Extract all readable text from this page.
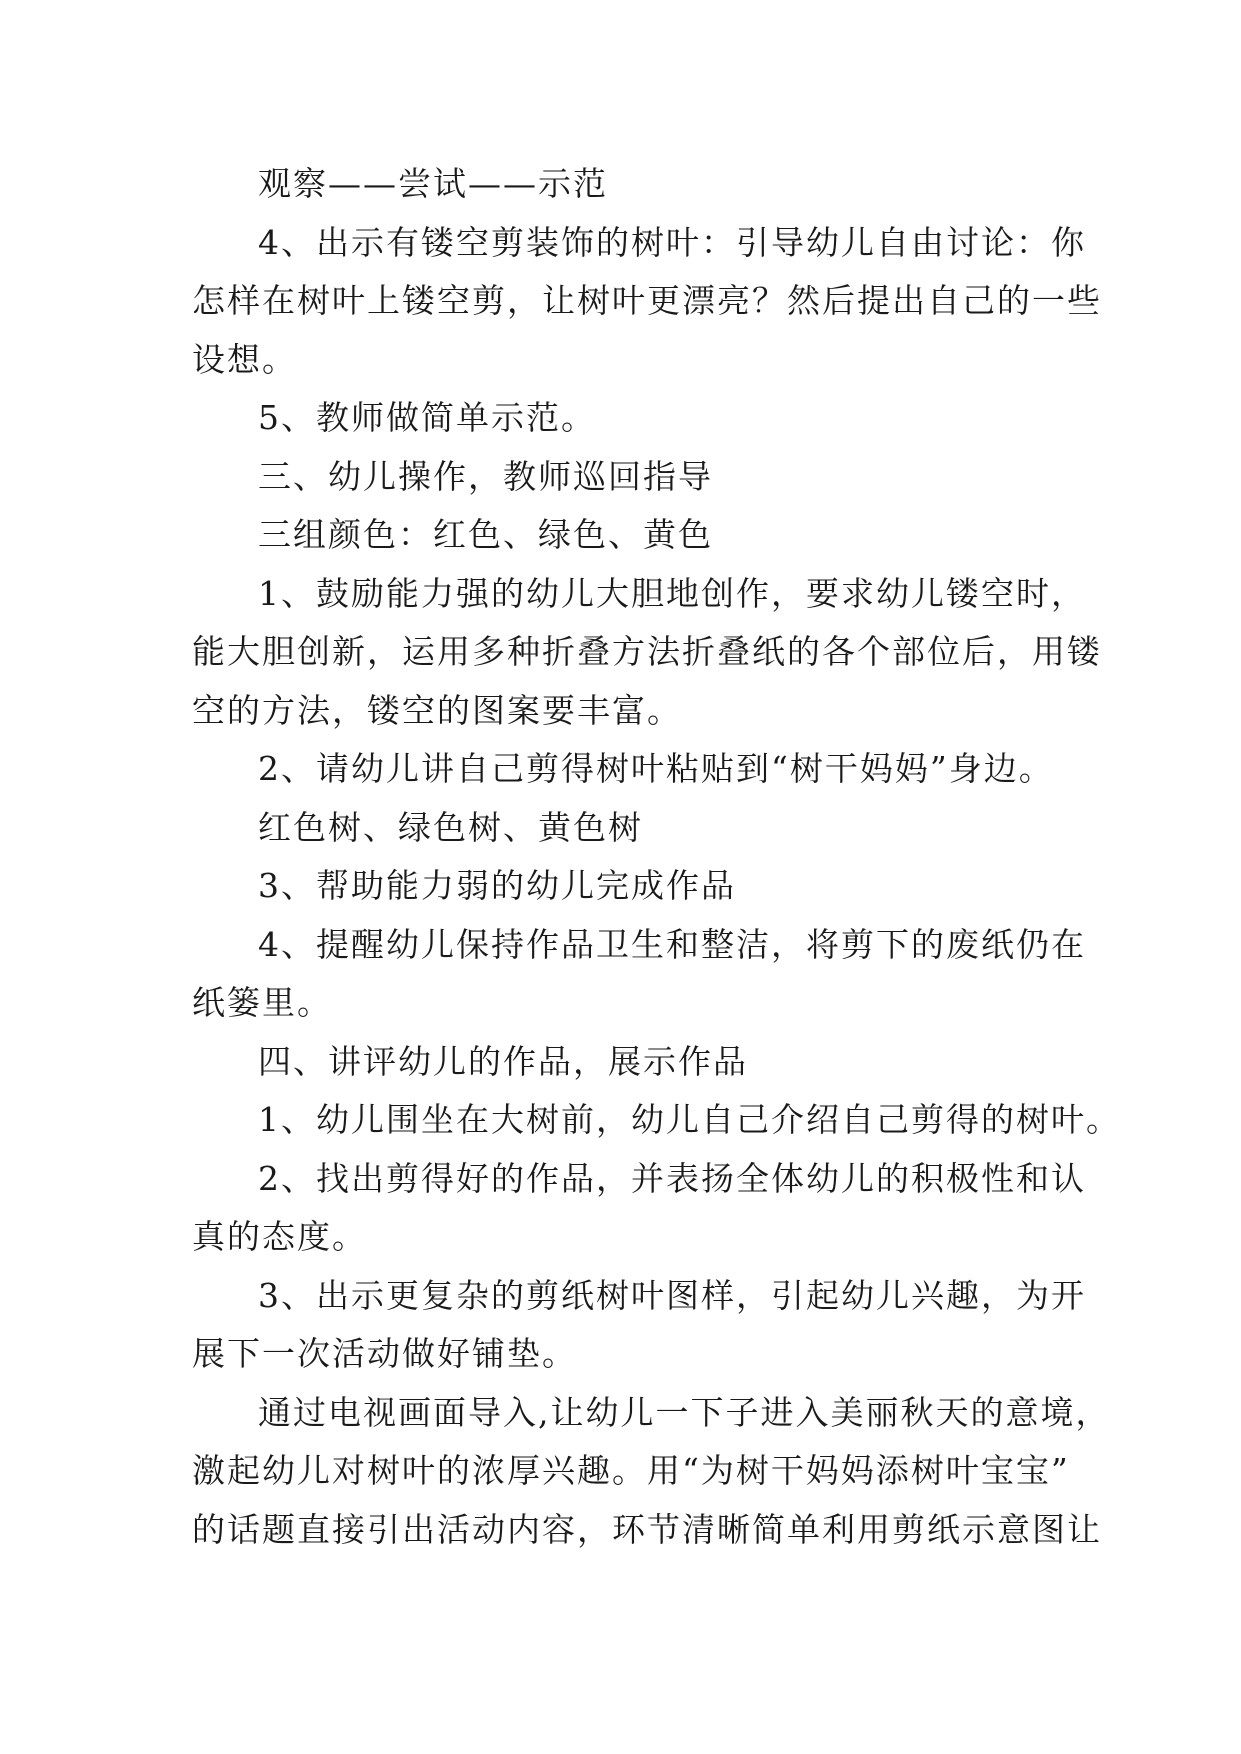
观察——尝试——示范
4、出示有镂空剪装饰的树叶：引导幼儿自由讨论：你
怎样在树叶上镂空剪，让树叶更漂亮？然后提出自己的一些
设想。
5、教师做简单示范。
三、幼儿操作，教师巡回指导
三组颜色：红色、绿色、黄色
1、鼓励能力强的幼儿大胆地创作，要求幼儿镂空时，
能大胆创新，运用多种折叠方法折叠纸的各个部位后，用镂
空的方法，镂空的图案要丰富。
2、请幼儿讲自己剪得树叶粘贴到“树干妈妈”身边。
红色树、绿色树、黄色树
3、帮助能力弱的幼儿完成作品
4、提醒幼儿保持作品卫生和整洁，将剪下的废纸仍在
纸篓里。
四、讲评幼儿的作品，展示作品
1、幼儿围坐在大树前，幼儿自己介绍自己剪得的树叶。
2、找出剪得好的作品，并表扬全体幼儿的积极性和认
真的态度。
3、出示更复杂的剪纸树叶图样，引起幼儿兴趣，为开
展下一次活动做好铺垫。
通过电视画面导入,让幼儿一下子进入美丽秋天的意境，
激起幼儿对树叶的浓厚兴趣。用“为树干妈妈添树叶宝宝”
的话题直接引出活动内容，环节清晰简单利用剪纸示意图让
